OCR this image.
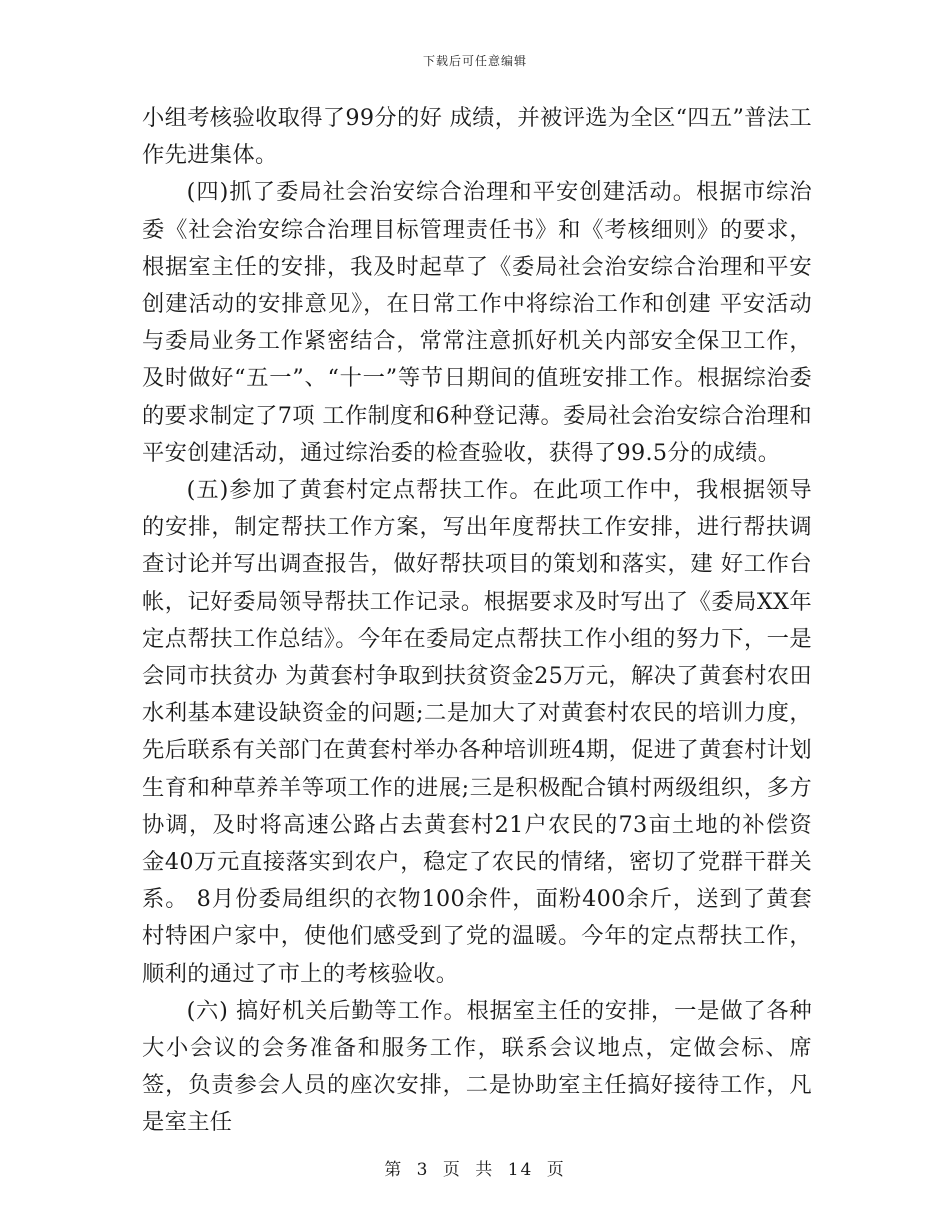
下载后可任意编辑

小组考核验收取得了99分的好 成绩，并被评选为全区“四五”普法工作先进集体。

(四)抓了委局社会治安综合治理和平安创建活动。根据市综治委《社会治安综合治理目标管理责任书》和《考核细则》的要求，根据室主任的安排，我及时起草了《委局社会治安综合治理和平安创建活动的安排意见》，在日常工作中将综治工作和创建 平安活动与委局业务工作紧密结合，常常注意抓好机关内部安全保卫工作，及时做好“五一”、“十一”等节日期间的值班安排工作。根据综治委的要求制定了7项 工作制度和6种登记薄。委局社会治安综合治理和平安创建活动，通过综治委的检查验收，获得了99.5分的成绩。

(五)参加了黄套村定点帮扶工作。在此项工作中，我根据领导的安排，制定帮扶工作方案，写出年度帮扶工作安排，进行帮扶调查讨论并写出调查报告，做好帮扶项目的策划和落实，建 好工作台帐，记好委局领导帮扶工作记录。根据要求及时写出了《委局XX年定点帮扶工作总结》。今年在委局定点帮扶工作小组的努力下，一是会同市扶贫办 为黄套村争取到扶贫资金25万元，解决了黄套村农田水利基本建设缺资金的问题;二是加大了对黄套村农民的培训力度，先后联系有关部门在黄套村举办各种培训班4期，促进了黄套村计划生育和种草养羊等项工作的进展;三是积极配合镇村两级组织，多方协调，及时将高速公路占去黄套村21户农民的73亩土地的补偿资 金40万元直接落实到农户，稳定了农民的情绪，密切了党群干群关系。 8月份委局组织的衣物100余件，面粉400余斤，送到了黄套村特困户家中，使他们感受到了党的温暖。今年的定点帮扶工作，顺利的通过了市上的考核验收。

(六) 搞好机关后勤等工作。根据室主任的安排，一是做了各种大小会议的会务准备和服务工作，联系会议地点，定做会标、席签，负责参会人员的座次安排，二是协助室主任搞好接待工作，凡是室主任

第 3 页 共 14 页
